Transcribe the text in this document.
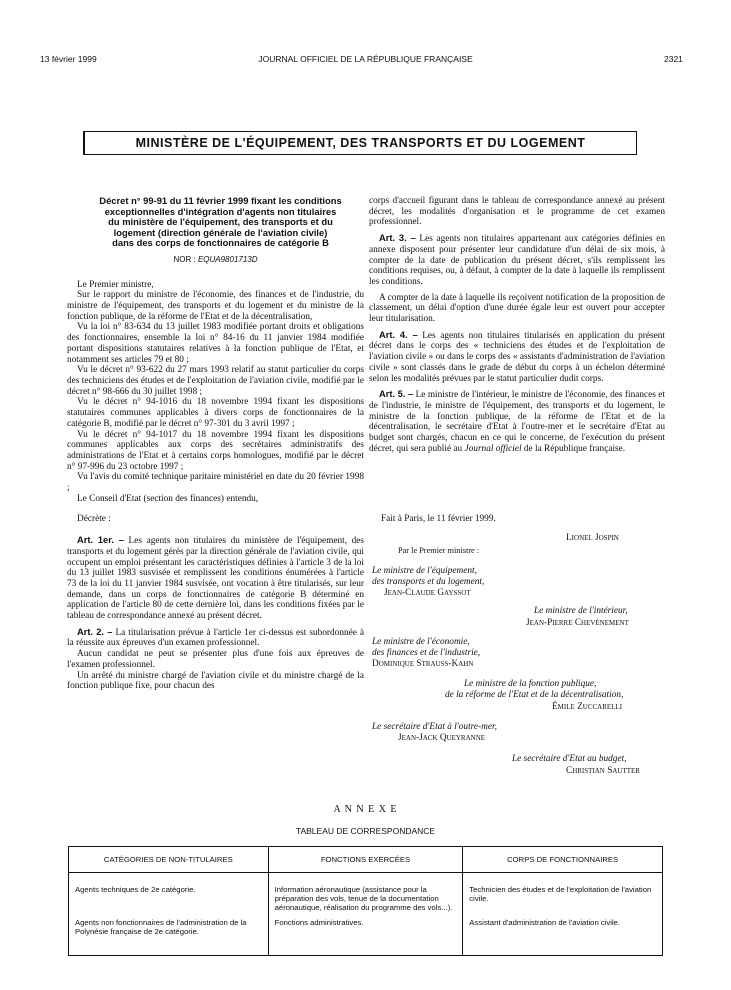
13 février 1999	JOURNAL OFFICIEL DE LA RÉPUBLIQUE FRANÇAISE	2321
MINISTÈRE DE L'ÉQUIPEMENT, DES TRANSPORTS ET DU LOGEMENT

Décret n° 99-91 du 11 février 1999 fixant les conditions

exceptionnelles d'intégration d'agents non titulaires

du ministère de l'équipement, des transports et du

logement (direction générale de l'aviation civile)

dans des corps de fonctionnaires de catégorie B

NOR : EQUA9801713D

Le Premier ministre,

Sur le rapport du ministre de l'économie, des finances et de l'industrie, du ministre de l'équipement, des transports et du logement et du ministre de la fonction publique, de la réforme de l'Etat et de la décentralisation,

Vu la loi n° 83-634 du 13 juillet 1983 modifiée portant droits et obligations des fonctionnaires, ensemble la loi n° 84-16 du 11 janvier 1984 modifiée portant dispositions statutaires relatives à la fonction publique de l'Etat, et notamment ses articles 79 et 80 ;

Vu le décret n° 93-622 du 27 mars 1993 relatif au statut particulier du corps des techniciens des études et de l'exploitation de l'aviation civile, modifié par le décret n° 98-666 du 30 juillet 1998 ;

Vu le décret n° 94-1016 du 18 novembre 1994 fixant les dispositions statutaires communes applicables à divers corps de fonctionnaires de la catégorie B, modifié par le décret n° 97-301 du 3 avril 1997 ;

Vu le décret n° 94-1017 du 18 novembre 1994 fixant les dispositions communes applicables aux corps des secrétaires administratifs des administrations de l'Etat et à certains corps homologues, modifié par le décret n° 97-996 du 23 octobre 1997 ;

Vu l'avis du comité technique paritaire ministériel en date du 20 février 1998 ;

Le Conseil d'Etat (section des finances) entendu,

Décrète :

Art. 1er. – Les agents non titulaires du ministère de l'équipement, des transports et du logement gérés par la direction générale de l'aviation civile, qui occupent un emploi présentant les caractéristiques définies à l'article 3 de la loi du 13 juillet 1983 susvisée et remplissent les conditions énumérées à l'article 73 de la loi du 11 janvier 1984 susvisée, ont vocation à être titularisés, sur leur demande, dans un corps de fonctionnaires de catégorie B déterminé en application de l'article 80 de cette dernière loi, dans les conditions fixées par le tableau de correspondance annexé au présent décret.

Art. 2. – La titularisation prévue à l'article 1er ci-dessus est subordonnée à la réussite aux épreuves d'un examen professionnel.

Aucun candidat ne peut se présenter plus d'une fois aux épreuves de l'examen professionnel.

Un arrêté du ministre chargé de l'aviation civile et du ministre chargé de la fonction publique fixe, pour chacun des

corps d'accueil figurant dans le tableau de correspondance annexé au présent décret, les modalités d'organisation et le programme de cet examen professionnel.

Art. 3. – Les agents non titulaires appartenant aux catégories définies en annexe disposent pour présenter leur candidature d'un délai de six mois, à compter de la date de publication du présent décret, s'ils remplissent les conditions requises, ou, à défaut, à compter de la date à laquelle ils remplissent les conditions.

A compter de la date à laquelle ils reçoivent notification de la proposition de classement, un délai d'option d'une durée égale leur est ouvert pour accepter leur titularisation.

Art. 4. – Les agents non titulaires titularisés en application du présent décret dans le corps des « techniciens des études et de l'exploitation de l'aviation civile » ou dans le corps des « assistants d'administration de l'aviation civile » sont classés dans le grade de début du corps à un échelon déterminé selon les modalités prévues par le statut particulier dudit corps.

Art. 5. – Le ministre de l'intérieur, le ministre de l'économie, des finances et de l'industrie, le ministre de l'équipement, des transports et du logement, le ministre de la fonction publique, de la réforme de l'Etat et de la décentralisation, le secrétaire d'Etat à l'outre-mer et le secrétaire d'Etat au budget sont chargés, chacun en ce qui le concerne, de l'exécution du présent décret, qui sera publié au Journal officiel de la République française.

Fait à Paris, le 11 février 1999.
Lionel Jospin
Par le Premier ministre :
Le ministre de l'équipement,
des transports et du logement,
Jean-Claude Gayssot
Le ministre de l'intérieur,
Jean-Pierre Chevènement
Le ministre de l'économie,
des finances et de l'industrie,
Dominique Strauss-Kahn
Le ministre de la fonction publique,
de la réforme de l'Etat et de la décentralisation,
Émile Zuccarelli
Le secrétaire d'Etat à l'outre-mer,
Jean-Jack Queyranne
Le secrétaire d'Etat au budget,
Christian Sautter
A N N E X E
TABLEAU DE CORRESPONDANCE
CATÉGORIES DE NON-TITULAIRES	FONCTIONS EXERCÉES	CORPS DE FONCTIONNAIRES
Agents techniques de 2e catégorie.	Information aéronautique (assistance pour la préparation des vols, tenue de la documentation aéronautique, réalisation du programme des vols...).	Technicien des études et de l'exploitation de l'aviation civile.
Agents non fonctionnaires de l'administration de la Polynésie française de 2e catégorie.	Fonctions administratives.	Assistant d'administration de l'aviation civile.
